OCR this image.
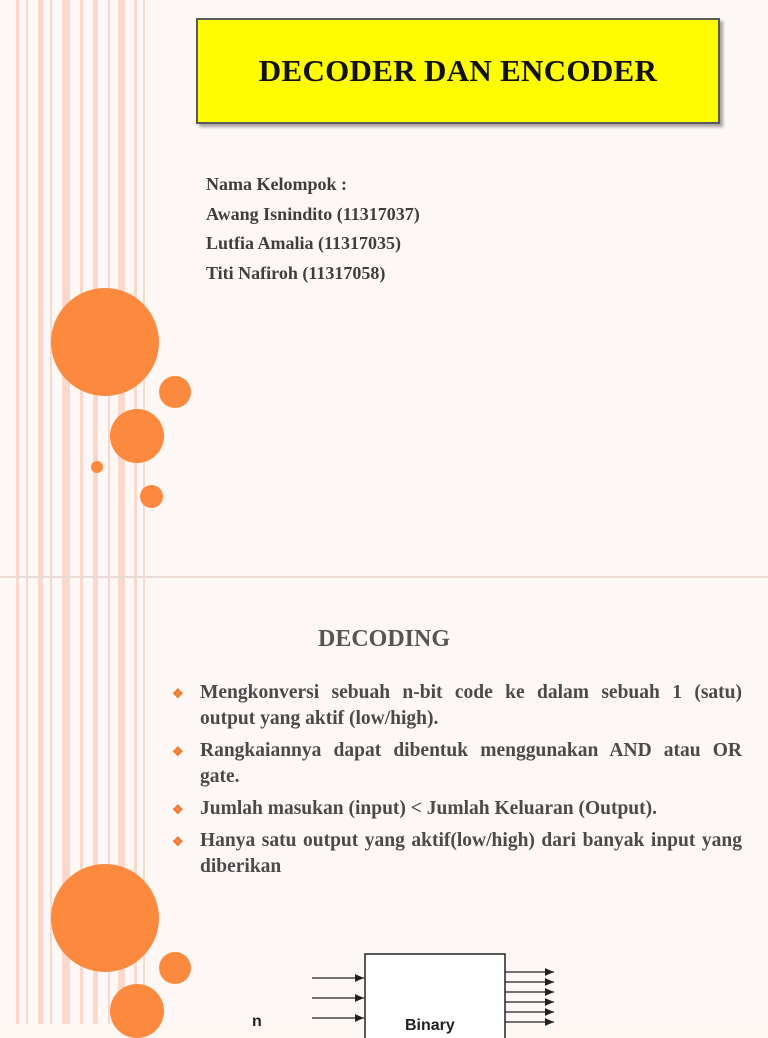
DECODER DAN ENCODER
Nama Kelompok :
Awang Isnindito (11317037)
Lutfia Amalia (11317035)
Titi Nafiroh (11317058)
DECODING
❖ Mengkonversi sebuah n-bit code ke dalam sebuah 1 (satu) output yang aktif (low/high).
❖ Rangkaiannya dapat dibentuk menggunakan AND atau OR gate.
❖ Jumlah masukan (input) < Jumlah Keluaran (Output).
❖ Hanya satu output yang aktif(low/high) dari banyak input yang diberikan
n	Binary
